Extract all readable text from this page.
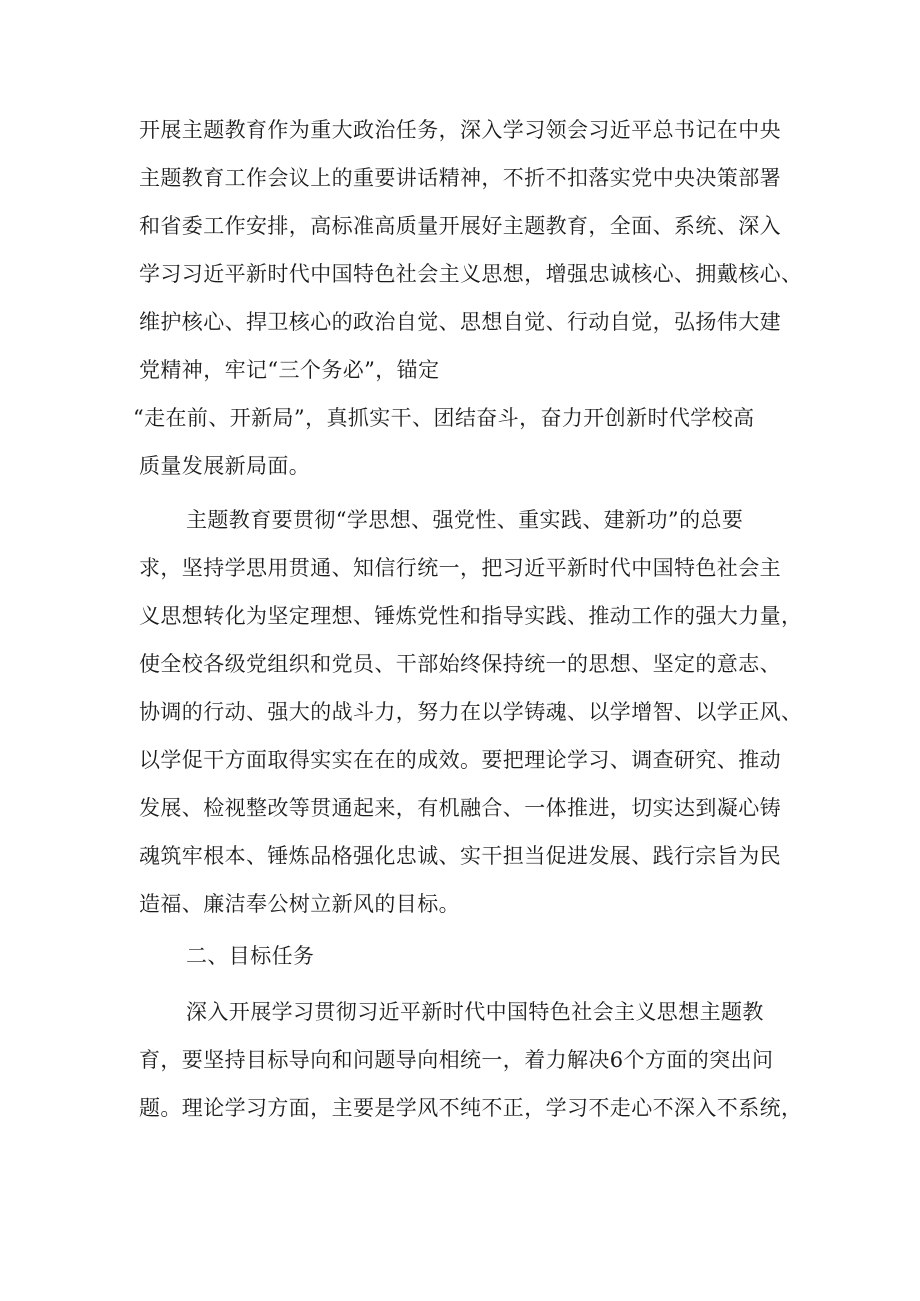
开展主题教育作为重大政治任务，深入学习领会习近平总书记在中央

主题教育工作会议上的重要讲话精神，不折不扣落实党中央决策部署

和省委工作安排，高标准高质量开展好主题教育，全面、系统、深入

学习习近平新时代中国特色社会主义思想，增强忠诚核心、拥戴核心、

维护核心、捍卫核心的政治自觉、思想自觉、行动自觉，弘扬伟大建

党精神，牢记“三个务必”，锚定

“走在前、开新局”，真抓实干、团结奋斗，奋力开创新时代学校高

质量发展新局面。

主题教育要贯彻“学思想、强党性、重实践、建新功”的总要

求，坚持学思用贯通、知信行统一，把习近平新时代中国特色社会主

义思想转化为坚定理想、锤炼党性和指导实践、推动工作的强大力量，

使全校各级党组织和党员、干部始终保持统一的思想、坚定的意志、

协调的行动、强大的战斗力，努力在以学铸魂、以学增智、以学正风、

以学促干方面取得实实在在的成效。要把理论学习、调查研究、推动

发展、检视整改等贯通起来，有机融合、一体推进，切实达到凝心铸

魂筑牢根本、锤炼品格强化忠诚、实干担当促进发展、践行宗旨为民

造福、廉洁奉公树立新风的目标。

二、目标任务

深入开展学习贯彻习近平新时代中国特色社会主义思想主题教

育，要坚持目标导向和问题导向相统一，着力解决6个方面的突出问

题。理论学习方面，主要是学风不纯不正，学习不走心不深入不系统，
